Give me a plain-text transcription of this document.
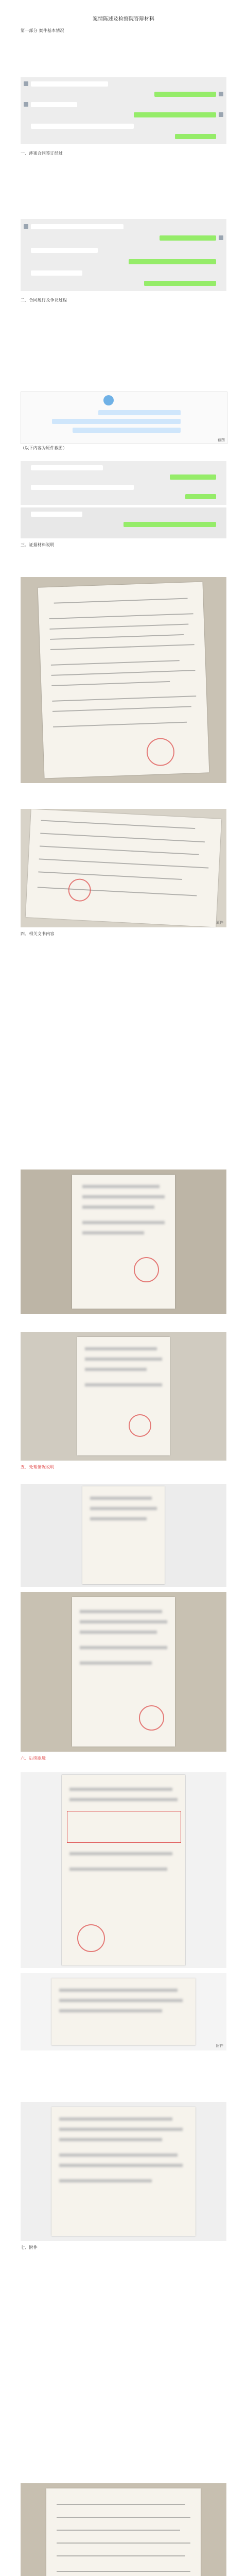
案情陈述及检察院答辩材料
第一部分 案件基本情况
一、涉案合同签订经过
二、合同履行及争议过程
截图
（以下内容为原件截图）
三、证据材料说明
原件
四、相关文书内容
五、处理情况说明
六、后续跟进
附件
七、附件
